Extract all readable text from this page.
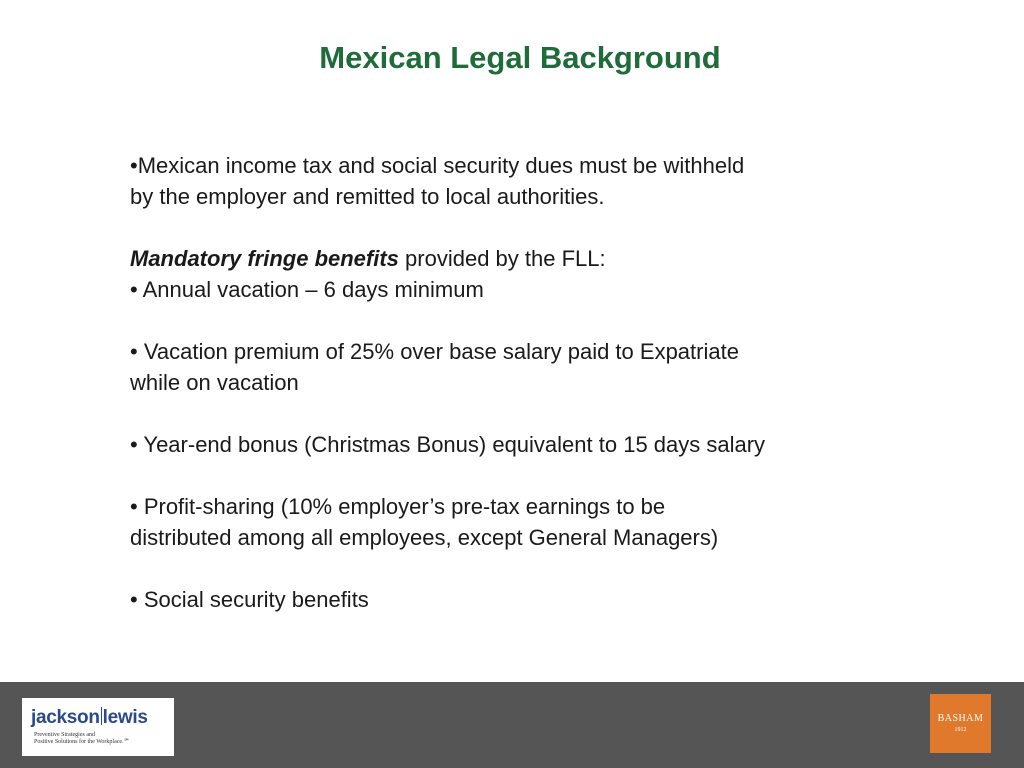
Mexican Legal Background

•Mexican income tax and social security dues must be withheld

by the employer and remitted to local authorities.

Mandatory fringe benefits provided by the FLL:

• Annual vacation – 6 days minimum

• Vacation premium of 25% over base salary paid to Expatriate

while on vacation

• Year-end bonus (Christmas Bonus) equivalent to 15 days salary

• Profit-sharing (10% employer’s pre-tax earnings to be

distributed among all employees, except General Managers)

• Social security benefits

jackson lewis
Preventive Strategies and
Positive Solutions for the Workplace.℠
BASHAM
1912
